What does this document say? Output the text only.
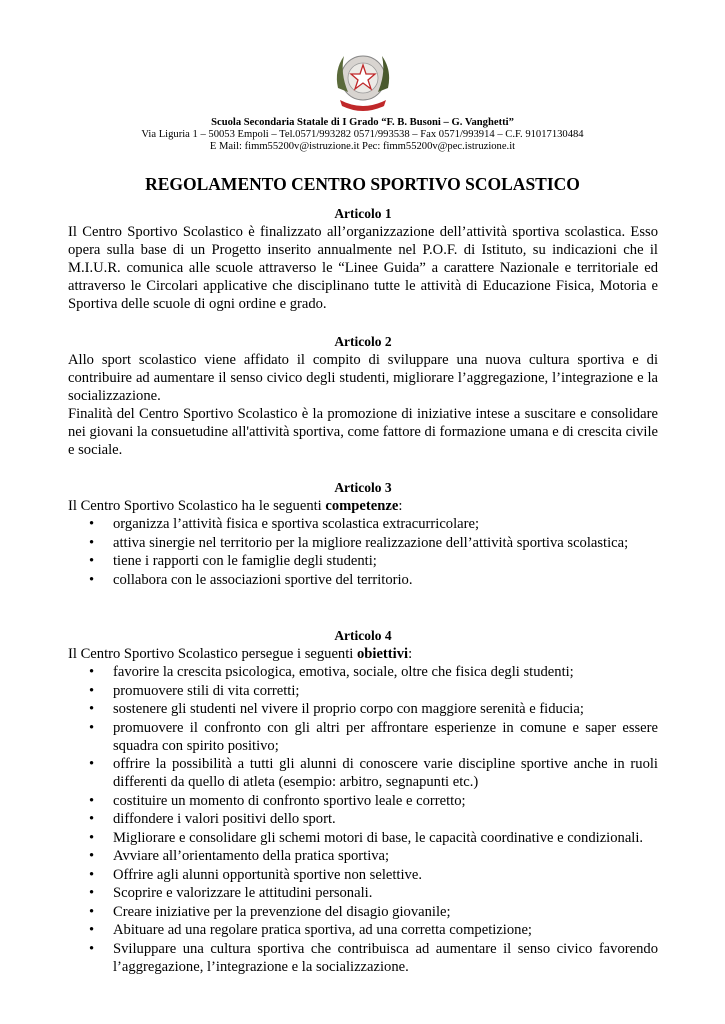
Scuola Secondaria Statale di I Grado “F. B. Busoni – G. Vanghetti”
Via Liguria 1 – 50053 Empoli – Tel.0571/993282 0571/993538 – Fax 0571/993914 – C.F. 91017130484
E Mail: fimm55200v@istruzione.it Pec: fimm55200v@pec.istruzione.it
REGOLAMENTO CENTRO SPORTIVO SCOLASTICO
Articolo 1

Il Centro Sportivo Scolastico è finalizzato all’organizzazione dell’attività sportiva scolastica. Esso opera sulla base di un Progetto inserito annualmente nel P.O.F. di Istituto, su indicazioni che il M.I.U.R. comunica alle scuole attraverso le “Linee Guida” a carattere Nazionale e territoriale ed attraverso le Circolari applicative che disciplinano tutte le attività di Educazione Fisica, Motoria e Sportiva delle scuole di ogni ordine e grado.

Articolo 2

Allo sport scolastico viene affidato il compito di sviluppare una nuova cultura sportiva e di contribuire ad aumentare il senso civico degli studenti, migliorare l’aggregazione, l’integrazione e la socializzazione.

Finalità del Centro Sportivo Scolastico è la promozione di iniziative intese a suscitare e consolidare nei giovani la consuetudine all'attività sportiva, come fattore di formazione umana e di crescita civile e sociale.

Articolo 3

Il Centro Sportivo Scolastico ha le seguenti competenze:

• organizza l’attività fisica e sportiva scolastica extracurricolare;
• attiva sinergie nel territorio per la migliore realizzazione dell’attività sportiva scolastica;
• tiene i rapporti con le famiglie degli studenti;
• collabora con le associazioni sportive del territorio.
Articolo 4

Il Centro Sportivo Scolastico persegue i seguenti obiettivi:

• favorire la crescita psicologica, emotiva, sociale, oltre che fisica degli studenti;
• promuovere stili di vita corretti;
• sostenere gli studenti nel vivere il proprio corpo con maggiore serenità e fiducia;
• promuovere il confronto con gli altri per affrontare esperienze in comune e saper essere squadra con spirito positivo;
• offrire la possibilità a tutti gli alunni di conoscere varie discipline sportive anche in ruoli differenti da quello di atleta (esempio: arbitro, segnapunti etc.)
• costituire un momento di confronto sportivo leale e corretto;
• diffondere i valori positivi dello sport.
• Migliorare e consolidare gli schemi motori di base, le capacità coordinative e condizionali.
• Avviare all’orientamento della pratica sportiva;
• Offrire agli alunni opportunità sportive non selettive.
• Scoprire e valorizzare le attitudini personali.
• Creare iniziative per la prevenzione del disagio giovanile;
• Abituare ad una regolare pratica sportiva, ad una corretta competizione;
• Sviluppare una cultura sportiva che contribuisca ad aumentare il senso civico favorendo l’aggregazione, l’integrazione e la socializzazione.
